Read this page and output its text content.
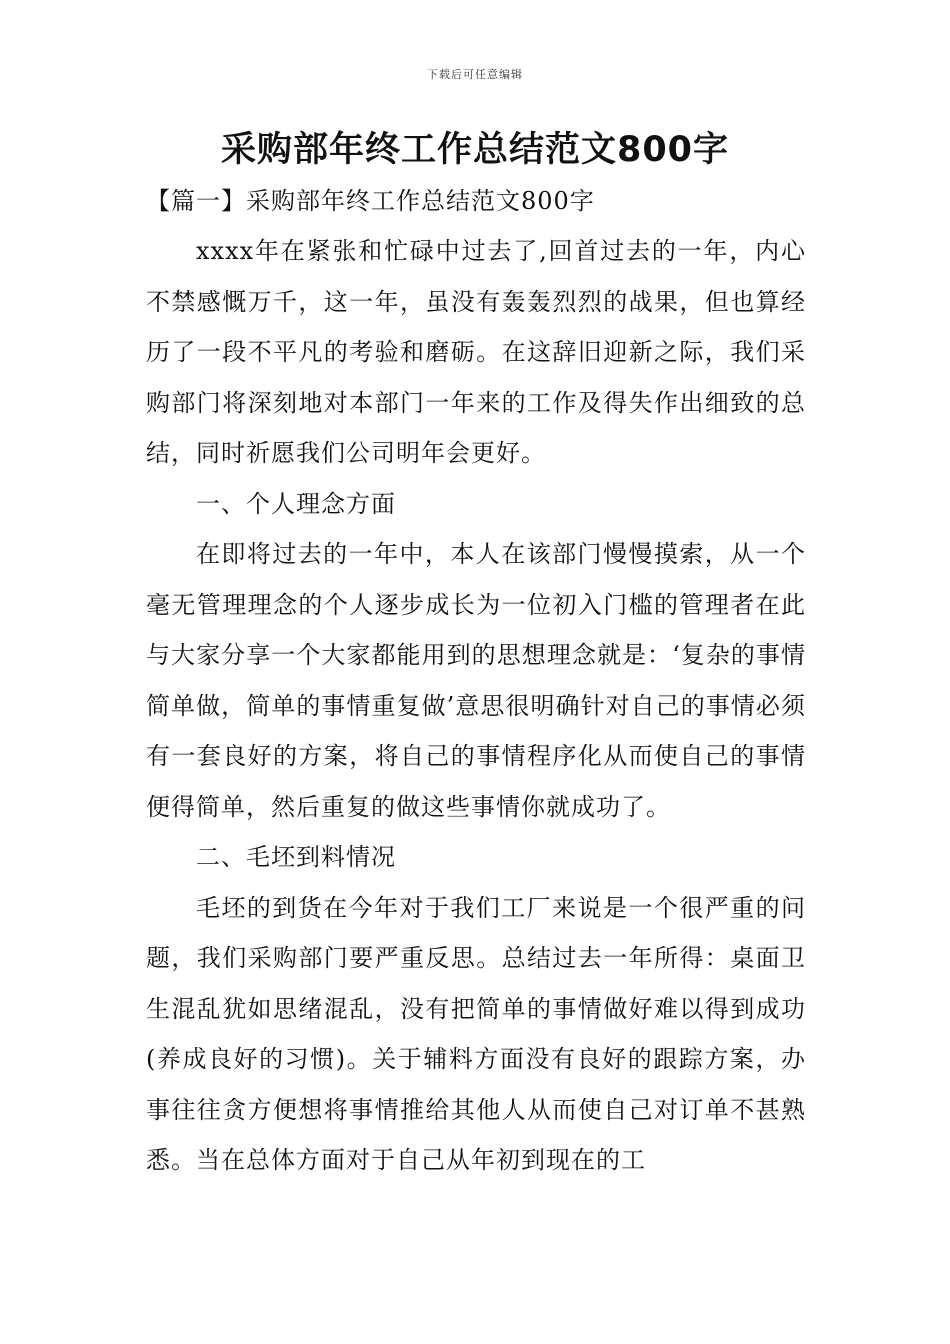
下载后可任意编辑
采购部年终工作总结范文800字

【篇一】采购部年终工作总结范文800字

xxxx年在紧张和忙碌中过去了,回首过去的一年，内心不禁感慨万千，这一年，虽没有轰轰烈烈的战果，但也算经历了一段不平凡的考验和磨砺。在这辞旧迎新之际，我们采购部门将深刻地对本部门一年来的工作及得失作出细致的总结，同时祈愿我们公司明年会更好。

一、个人理念方面

在即将过去的一年中，本人在该部门慢慢摸索，从一个毫无管理理念的个人逐步成长为一位初入门槛的管理者在此与大家分享一个大家都能用到的思想理念就是：‘复杂的事情简单做，简单的事情重复做’意思很明确针对自己的事情必须有一套良好的方案，将自己的事情程序化从而使自己的事情便得简单，然后重复的做这些事情你就成功了。

二、毛坯到料情况

毛坯的到货在今年对于我们工厂来说是一个很严重的问题，我们采购部门要严重反思。总结过去一年所得：桌面卫生混乱犹如思绪混乱，没有把简单的事情做好难以得到成功(养成良好的习惯)。关于辅料方面没有良好的跟踪方案，办事往往贪方便想将事情推给其他人从而使自己对订单不甚熟悉。当在总体方面对于自己从年初到现在的工
